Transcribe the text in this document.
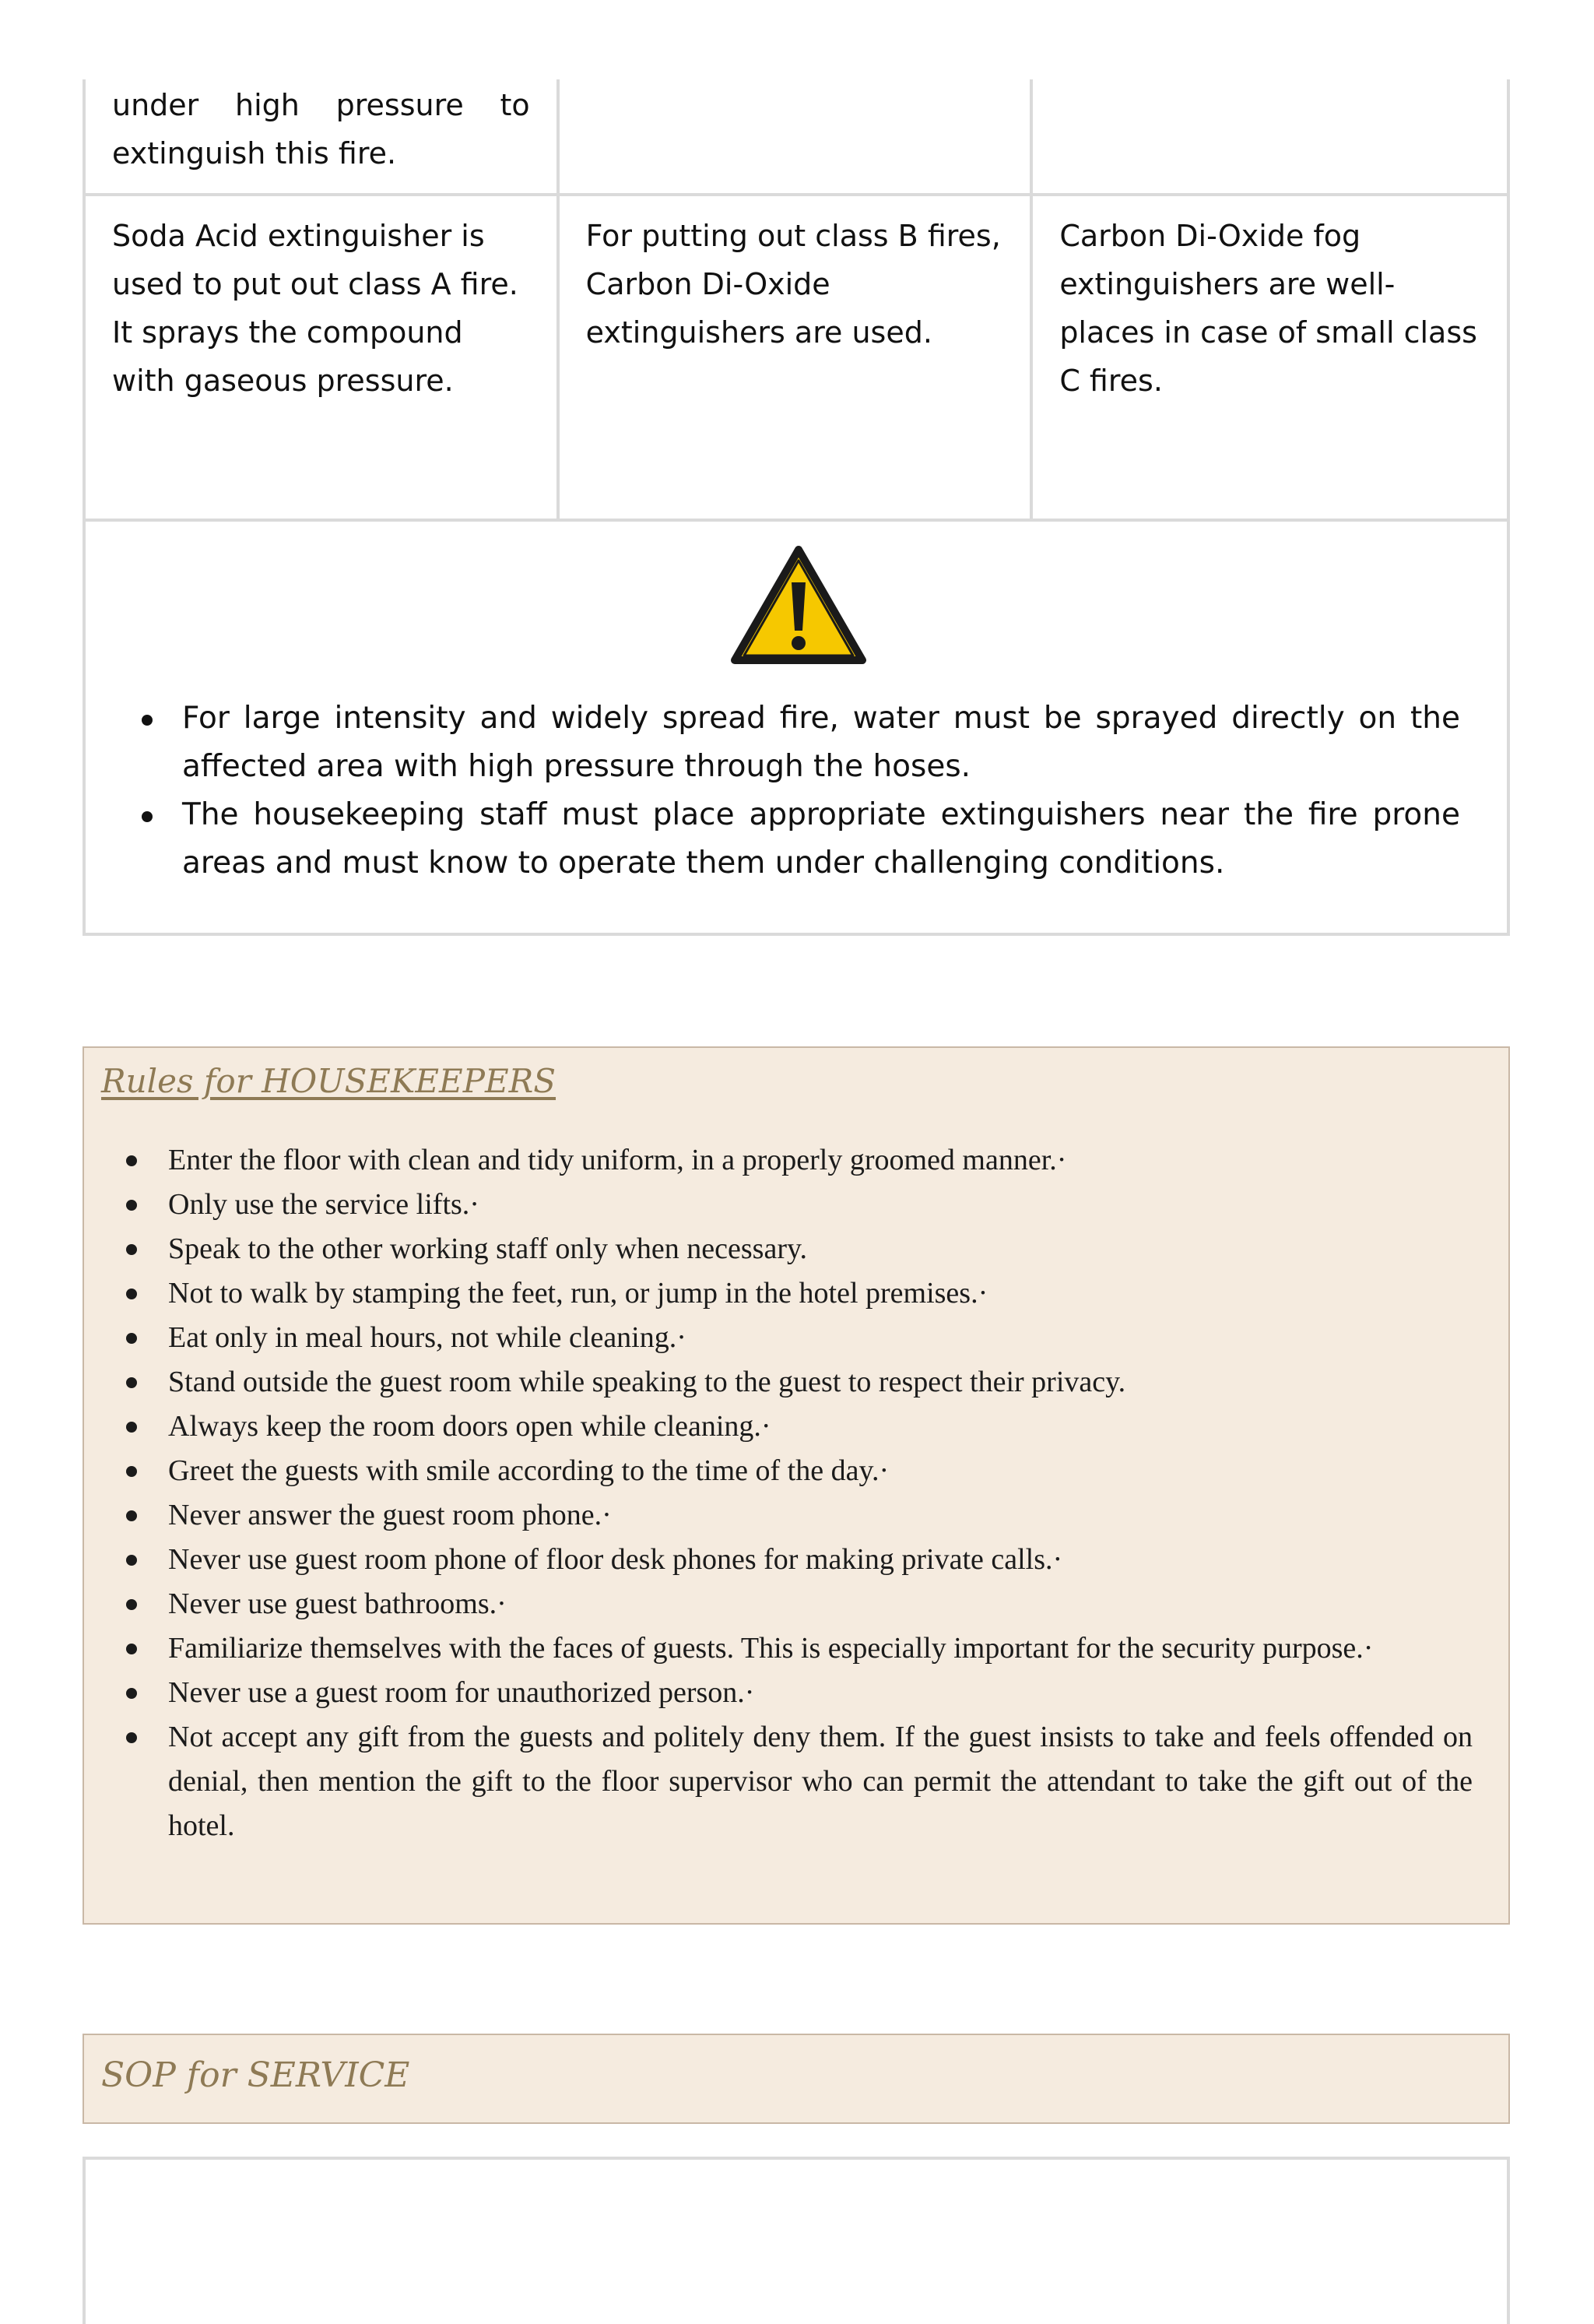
under high pressure to extinguish this fire.
Soda Acid extinguisher is used to put out class A fire. It sprays the compound with gaseous pressure.
For putting out class B fires, Carbon Di-Oxide extinguishers are used.
Carbon Di-Oxide fog extinguishers are well-places in case of small class C fires.
For large intensity and widely spread fire, water must be sprayed directly on the affected area with high pressure through the hoses.
The housekeeping staff must place appropriate extinguishers near the fire prone areas and must know to operate them under challenging conditions.
Rules for HOUSEKEEPERS
Enter the floor with clean and tidy uniform, in a properly groomed manner.·
Only use the service lifts.·
Speak to the other working staff only when necessary.
Not to walk by stamping the feet, run, or jump in the hotel premises.·
Eat only in meal hours, not while cleaning.·
Stand outside the guest room while speaking to the guest to respect their privacy.
Always keep the room doors open while cleaning.·
Greet the guests with smile according to the time of the day.·
Never answer the guest room phone.·
Never use guest room phone of floor desk phones for making private calls.·
Never use guest bathrooms.·
Familiarize themselves with the faces of guests. This is especially important for the security purpose.·
Never use a guest room for unauthorized person.·
Not accept any gift from the guests and politely deny them. If the guest insists to take and feels offended on denial, then mention the gift to the floor supervisor who can permit the attendant to take the gift out of the hotel.
SOP for SERVICE
